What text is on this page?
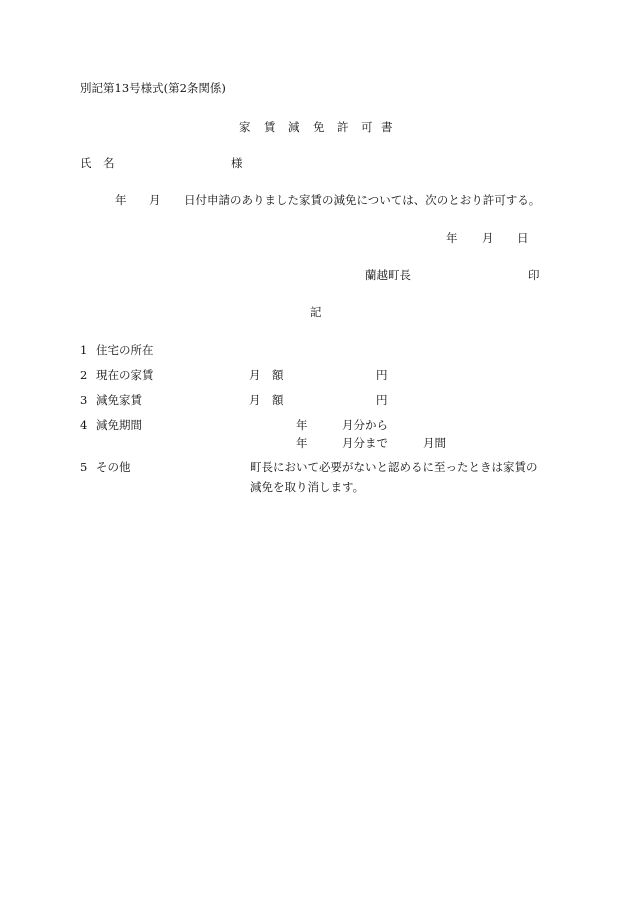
別記第13号様式(第2条関係)
家 賃 減 免 許 可 書
氏　名	様
年 月 日付申請のありました家賃の減免については、次のとおり許可する。
年 月 日
蘭越町長	印
記
1 住宅の所在
2 現在の家賃	月　額	円
3 減免家賃	月　額	円
4 減免期間	年	月分から
年	月分まで	月間
5 その他	町長において必要がないと認めるに至ったときは家賃の
減免を取り消します。
